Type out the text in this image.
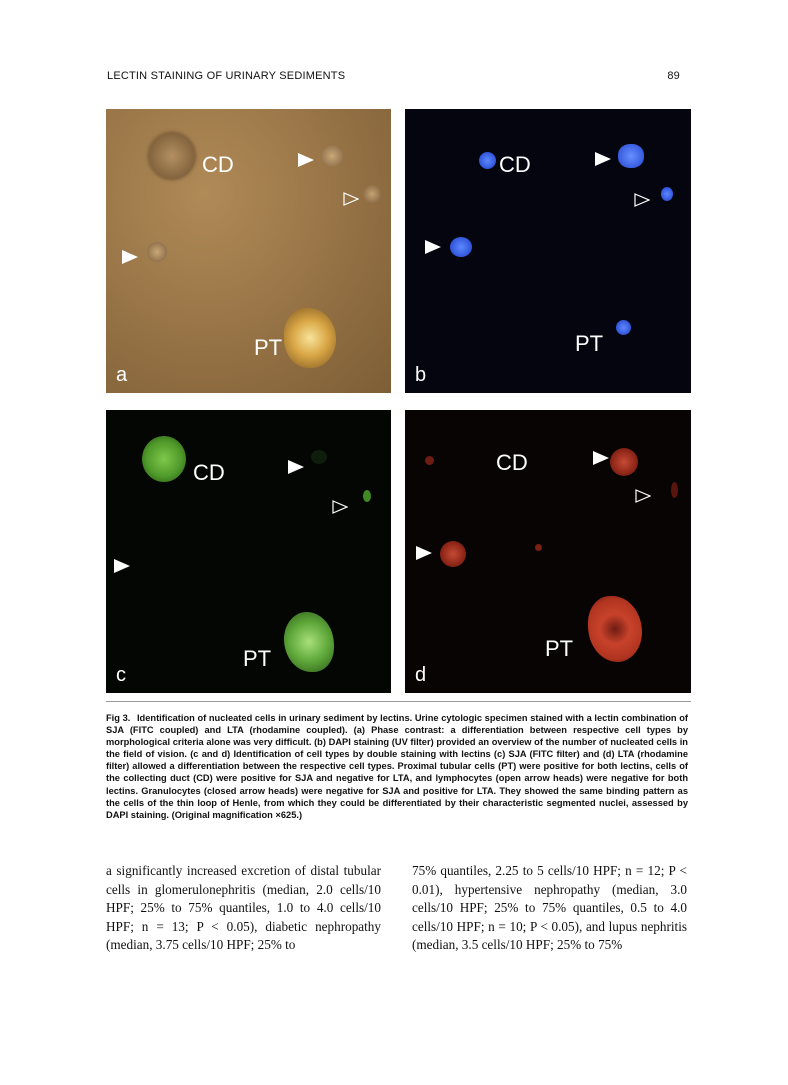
LECTIN STAINING OF URINARY SEDIMENTS	89
CD
PT
a
CD
PT
b
CD
PT
c
CD
PT
d
Fig 3. Identification of nucleated cells in urinary sediment by lectins. Urine cytologic specimen stained with a lectin combination of SJA (FITC coupled) and LTA (rhodamine coupled). (a) Phase contrast: a differentiation between respective cell types by morphological criteria alone was very difficult. (b) DAPI staining (UV filter) provided an overview of the number of nucleated cells in the field of vision. (c and d) Identification of cell types by double staining with lectins (c) SJA (FITC filter) and (d) LTA (rhodamine filter) allowed a differentiation between the respective cell types. Proximal tubular cells (PT) were positive for both lectins, cells of the collecting duct (CD) were positive for SJA and negative for LTA, and lymphocytes (open arrow heads) were negative for both lectins. Granulocytes (closed arrow heads) were negative for SJA and positive for LTA. They showed the same binding pattern as the cells of the thin loop of Henle, from which they could be differentiated by their characteristic segmented nuclei, assessed by DAPI staining. (Original magnification ×625.)
a significantly increased excretion of distal tubular cells in glomerulonephritis (median, 2.0 cells/10 HPF; 25% to 75% quantiles, 1.0 to 4.0 cells/10 HPF; n = 13; P < 0.05), diabetic nephropathy (median, 3.75 cells/10 HPF; 25% to
75% quantiles, 2.25 to 5 cells/10 HPF; n = 12; P < 0.01), hypertensive nephropathy (median, 3.0 cells/10 HPF; 25% to 75% quantiles, 0.5 to 4.0 cells/10 HPF; n = 10; P < 0.05), and lupus nephritis (median, 3.5 cells/10 HPF; 25% to 75%
